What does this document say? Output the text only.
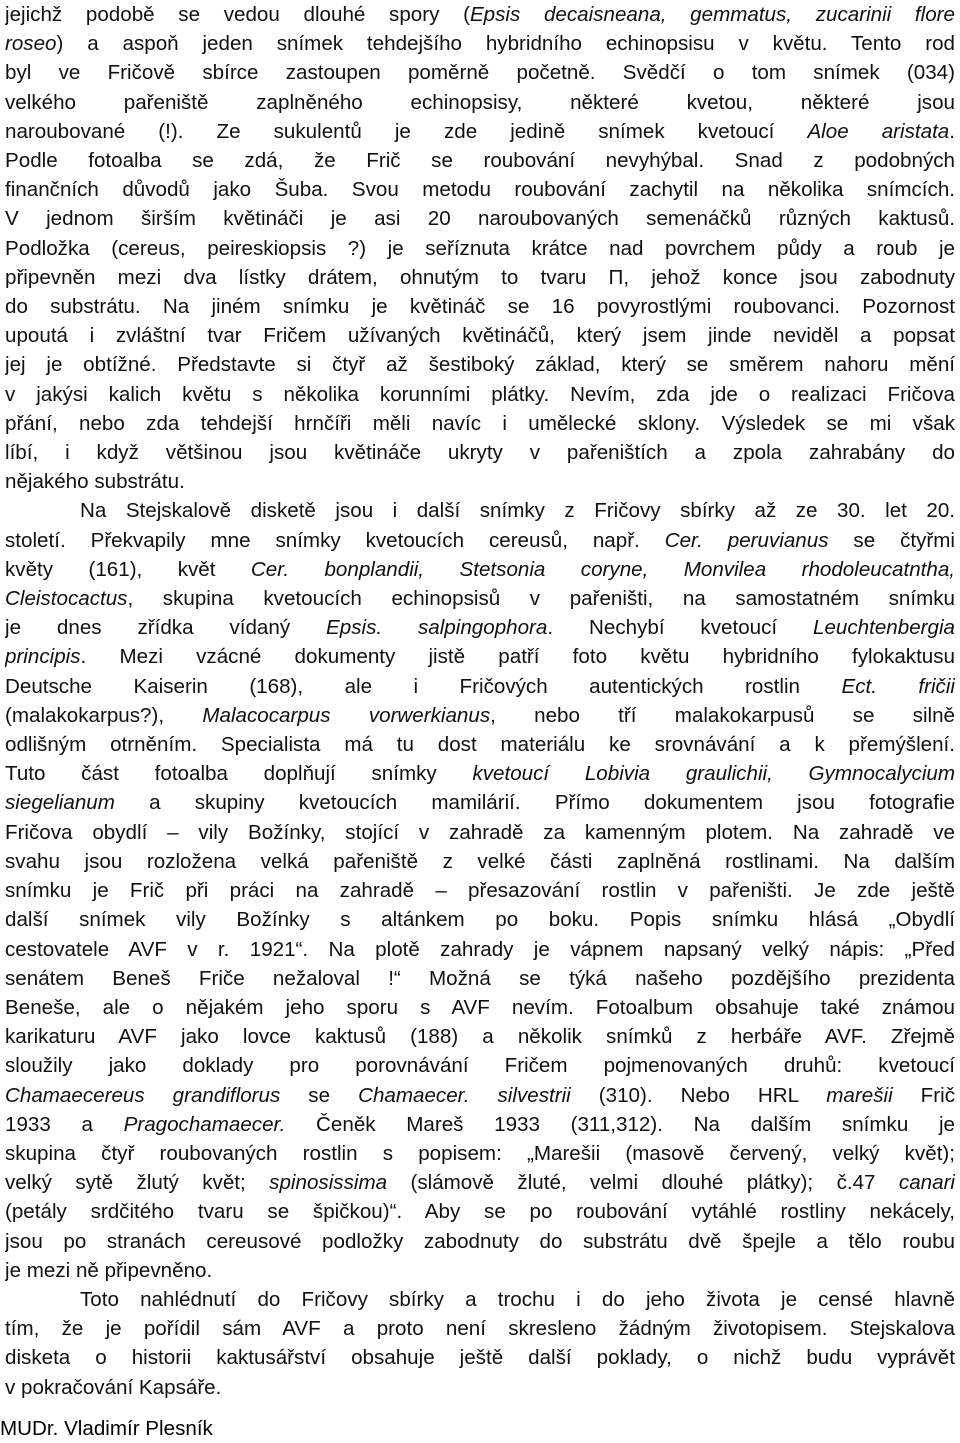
jejichž podobě se vedou dlouhé spory (Epsis decaisneana, gemmatus, zucarinii flore
roseo) a aspoň jeden snímek tehdejšího hybridního echinopsisu v květu. Tento rod
byl ve Fričově sbírce zastoupen poměrně početně. Svědčí o tom snímek (034)
velkého pařeniště zaplněného echinopsisy, některé kvetou, některé jsou
naroubované (!). Ze sukulentů je zde jedině snímek kvetoucí Aloe aristata.
Podle fotoalba se zdá, že Frič se roubování nevyhýbal. Snad z podobných
finančních důvodů jako Šuba. Svou metodu roubování zachytil na několika snímcích.
V jednom širším květináči je asi 20 naroubovaných semenáčků různých kaktusů.
Podložka (cereus, peireskiopsis ?) je seříznuta krátce nad povrchem půdy a roub je
připevněn mezi dva lístky drátem, ohnutým to tvaru Π, jehož konce jsou zabodnuty
do substrátu. Na jiném snímku je květináč se 16 povyrostlými roubovanci. Pozornost
upoutá i zvláštní tvar Fričem užívaných květináčů, který jsem jinde neviděl a popsat
jej je obtížné. Představte si čtyř až šestiboký základ, který se směrem nahoru mění
v jakýsi kalich květu s několika korunními plátky. Nevím, zda jde o realizaci Fričova
přání, nebo zda tehdejší hrnčíři měli navíc i umělecké sklony. Výsledek se mi však
líbí, i když většinou jsou květináče ukryty v pařeništích a zpola zahrabány do
nějakého substrátu.
Na Stejskalově disketě jsou i další snímky z Fričovy sbírky až ze 30. let 20.
století. Překvapily mne snímky kvetoucích cereusů, např. Cer. peruvianus se čtyřmi
květy (161), květ Cer. bonplandii, Stetsonia coryne, Monvilea rhodoleucatntha,
Cleistocactus, skupina kvetoucích echinopsisů v pařeništi, na samostatném snímku
je dnes zřídka vídaný Epsis. salpingophora. Nechybí kvetoucí Leuchtenbergia
principis. Mezi vzácné dokumenty jistě patří foto květu hybridního fylokaktusu
Deutsche Kaiserin (168), ale i Fričových autentických rostlin Ect. fričii
(malakokarpus?), Malacocarpus vorwerkianus, nebo tří malakokarpusů se silně
odlišným otrněním. Specialista má tu dost materiálu ke srovnávání a k přemýšlení.
Tuto část fotoalba doplňují snímky kvetoucí Lobivia graulichii, Gymnocalycium
siegelianum a skupiny kvetoucích mamilárií. Přímo dokumentem jsou fotografie
Fričova obydlí – vily Božínky, stojící v zahradě za kamenným plotem. Na zahradě ve
svahu jsou rozložena velká pařeniště z velké části zaplněná rostlinami. Na dalším
snímku je Frič při práci na zahradě – přesazování rostlin v pařeništi. Je zde ještě
další snímek vily Božínky s altánkem po boku. Popis snímku hlásá „Obydlí
cestovatele AVF v r. 1921“. Na plotě zahrady je vápnem napsaný velký nápis: „Před
senátem Beneš Friče nežaloval !“ Možná se týká našeho pozdějšího prezidenta
Beneše, ale o nějakém jeho sporu s AVF nevím. Fotoalbum obsahuje také známou
karikaturu AVF jako lovce kaktusů (188) a několik snímků z herbáře AVF. Zřejmě
sloužily jako doklady pro porovnávání Fričem pojmenovaných druhů: kvetoucí
Chamaecereus grandiflorus se Chamaecer. silvestrii (310). Nebo HRL marešii Frič
1933 a Pragochamaecer. Čeněk Mareš 1933 (311,312). Na dalším snímku je
skupina čtyř roubovaných rostlin s popisem: „Marešii (masově červený, velký květ);
velký sytě žlutý květ; spinosissima (slámově žluté, velmi dlouhé plátky); č.47 canari
(petály srdčitého tvaru se špičkou)“. Aby se po roubování vytáhlé rostliny nekácely,
jsou po stranách cereusové podložky zabodnuty do substrátu dvě špejle a tělo roubu
je mezi ně připevněno.
Toto nahlédnutí do Fričovy sbírky a trochu i do jeho života je censé hlavně
tím, že je pořídil sám AVF a proto není skresleno žádným životopisem. Stejskalova
disketa o historii kaktusářství obsahuje ještě další poklady, o nichž budu vyprávět
v pokračování Kapsáře.
MUDr. Vladimír Plesník
